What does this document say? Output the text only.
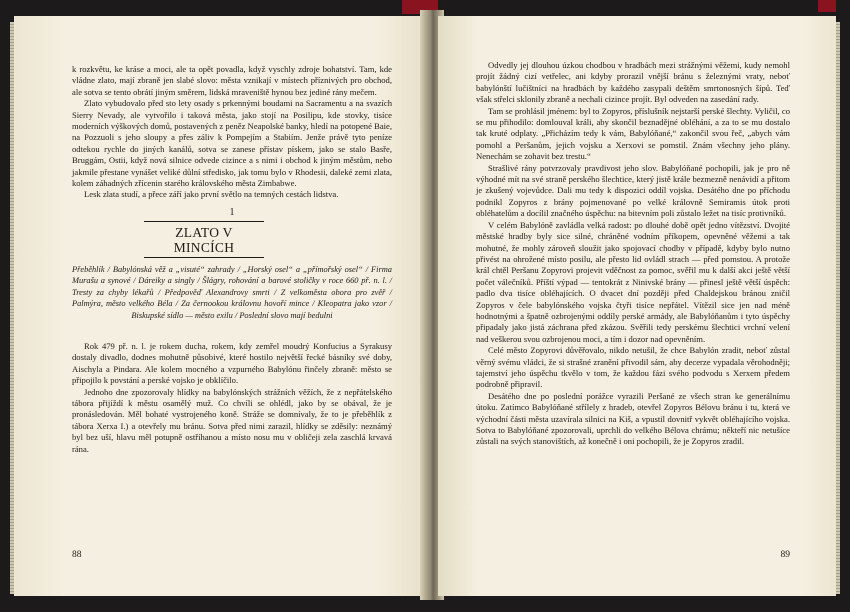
k rozkvětu, ke kráse a moci, ale ta opět povadla, když vyschly zdroje bohatství. Tam, kde vládne zlato, mají zbraně jen slabé slovo: města vznikají v místech příznivých pro obchod, ale sotva se tento obrátí jiným směrem, lidská mraveniště hynou bez jediné rány mečem.

Zlato vybudovalo před sto lety osady s prkennými boudami na Sacramentu a na svazích Sierry Nevady, ale vytvořilo i taková města, jako stojí na Posilipu, kde stovky, tisíce moderních výškových domů, postavených z peněz Neapolské banky, hledí na potopené Baie, na Pozzuoli s jeho sloupy a přes záliv k Pompejím a Stabiím. Jenže právě tyto peníze odtekou rychle do jiných kanálů, sotva se zanese přístav pískem, jako se stalo Basře, Bruggám, Ostii, když nová silnice odvede cizince a s nimi i obchod k jiným městům, nebo jakmile přestane vynášet veliké důlní středisko, jak tomu bylo v Rhodesii, daleké zemi zlata, kolem záhadných zřícenin starého královského města Zimbabwe.

Lesk zlata studí, a přece září jako první světlo na temných cestách lidstva.

1
ZLATO V MINCÍCH

Přeběhlík / Babylónská věž a „visuté“ zahrady / „Horský osel“ a „přímořský osel“ / Firma Murašu a synové / Dáreiky a singly / Šlágry, rohování a barové stoličky v roce 660 př. n. l. / Tresty za chyby lékařů / Předpověď Alexandrovy smrti / Z velkoměsta obora pro zvěř / Palmýra, město velkého Béla / Za černookou královnu hovoří mince / Kleopatra jako vzor / Biskupské sídlo — město exilu / Poslední slovo mají bedulni

Rok 479 př. n. l. je rokem ducha, rokem, kdy zemřel moudrý Konfucius a Syrakusy dostaly divadlo, dodnes mohutně působivé, které hostilo největší řecké básníky své doby, Aischyla a Pindara. Ale kolem mocného a vzpurného Babylónu řinčely zbraně: město se připojilo k povstání a perské vojsko je obklíčilo.

Jednoho dne zpozorovaly hlídky na babylónských strážních věžích, že z nepřátelského tábora přijíždí k městu osamělý muž. Co chvíli se ohlédl, jako by se obával, že je pronásledován. Měl bohaté vystrojeného koně. Stráže se domnívaly, že to je přeběhlík z tábora Xerxa I.) a otevřely mu bránu. Sotva před nimi zarazil, hlídky se zděsily: neznámý byl bez uší, hlavu měl potupně ostříhanou a místo nosu mu v obličeji zela zaschlá krvavá rána.

88

Odvedly jej dlouhou úzkou chodbou v hradbách mezi strážnými věžemi, kudy nemohl projít žádný cizí vetřelec, ani kdyby prorazil vnější bránu s železnými vraty, neboť babylónští lučištníci na hradbách by každého zasypali deštěm smrtonosných šípů. Teď však střelci sklonily zbraně a nechali cizince projít. Byl odveden na zasedání rady.

Tam se prohlásil jménem: byl to Zopyros, příslušník nejstarší perské šlechty. Vyličil, co se mu přihodilo: domlouval králi, aby skončil beznadějné obléhání, a za to se mu dostalo tak kruté odplaty. „Přicházím tedy k vám, Babylóňané,“ zakončil svou řeč, „abych vám pomohl a Peršanům, jejich vojsku a Xerxovi se pomstil. Znám všechny jeho plány. Nenechám se zohavit bez trestu.“

Strašlivé rány potvrzovaly pravdivost jeho slov. Babylóňané pochopili, jak je pro ně výhodné mít na své straně perského šlechtice, který jistě krále bezmezně nenávidí a přitom je zkušený vojevůdce. Dali mu tedy k dispozici oddíl vojska. Desátého dne po příchodu podnikl Zopyros z brány pojmenované po velké královně Semiramis útok proti obléhatelům a docílil značného úspěchu: na bitevním poli zůstalo ležet na tisíc protivníků.

V celém Babylóně zavládla velká radost: po dlouhé době opět jedno vítězství. Dvojité městské hradby byly sice silné, chráněné vodním příkopem, opevněné věžemi a tak mohutné, že mohly zároveň sloužit jako spojovací chodby v případě, kdyby bylo nutno přivést na ohrožené místo posilu, ale přesto lid ovládl strach — před pomstou. A protože král chtěl Peršanu Zopyrovi projevit vděčnost za pomoc, svěřil mu k další akci ještě větší počet válečníků. Příští výpad — tentokrát z Ninivské brány — přinesl ještě větší úspěch: padlo dva tisíce obléhajících. O dvacet dní později před Chaldejskou bránou zničil Zopyros v čele babylónského vojska čtyři tisíce nepřátel. Vítězil sice jen nad méně hodnotnými a špatně ozbrojenými oddíly perské armády, ale Babylóňanům i tyto úspěchy připadaly jako jistá záchrana před zkázou. Svěřili tedy perskému šlechtici vrchní velení nad veškerou svou ozbrojenou moci, a tím i dozor nad opevněním.

Celé město Zopyrovi důvěřovalo, nikdo netušil, že chce Babylón zradit, neboť zůstal věrný svému vládci, že si strašné zranění přivodil sám, aby decerze vypadala věrohodněji; tajemství jeho úspěchu tkvělo v tom, že každou fázi svého podvodu s Xerxem předem podrobně připravil.

Desátého dne po poslední porážce vyrazili Peršané ze všech stran ke generálnímu útoku. Zatímco Babylóňané střílely z hradeb, otevřel Zopyros Bélovu bránu i tu, která ve východní části města uzavírala silnici na Kiš, a vpustil dovnitř vykvět obléhajícího vojska. Sotva to Babylóňané zpozorovali, uprchli do velkého Bélova chrámu; někteří nic netušíce zůstali na svých stanovištích, až konečně i oni pochopili, že je Zopyros zradil.

89
